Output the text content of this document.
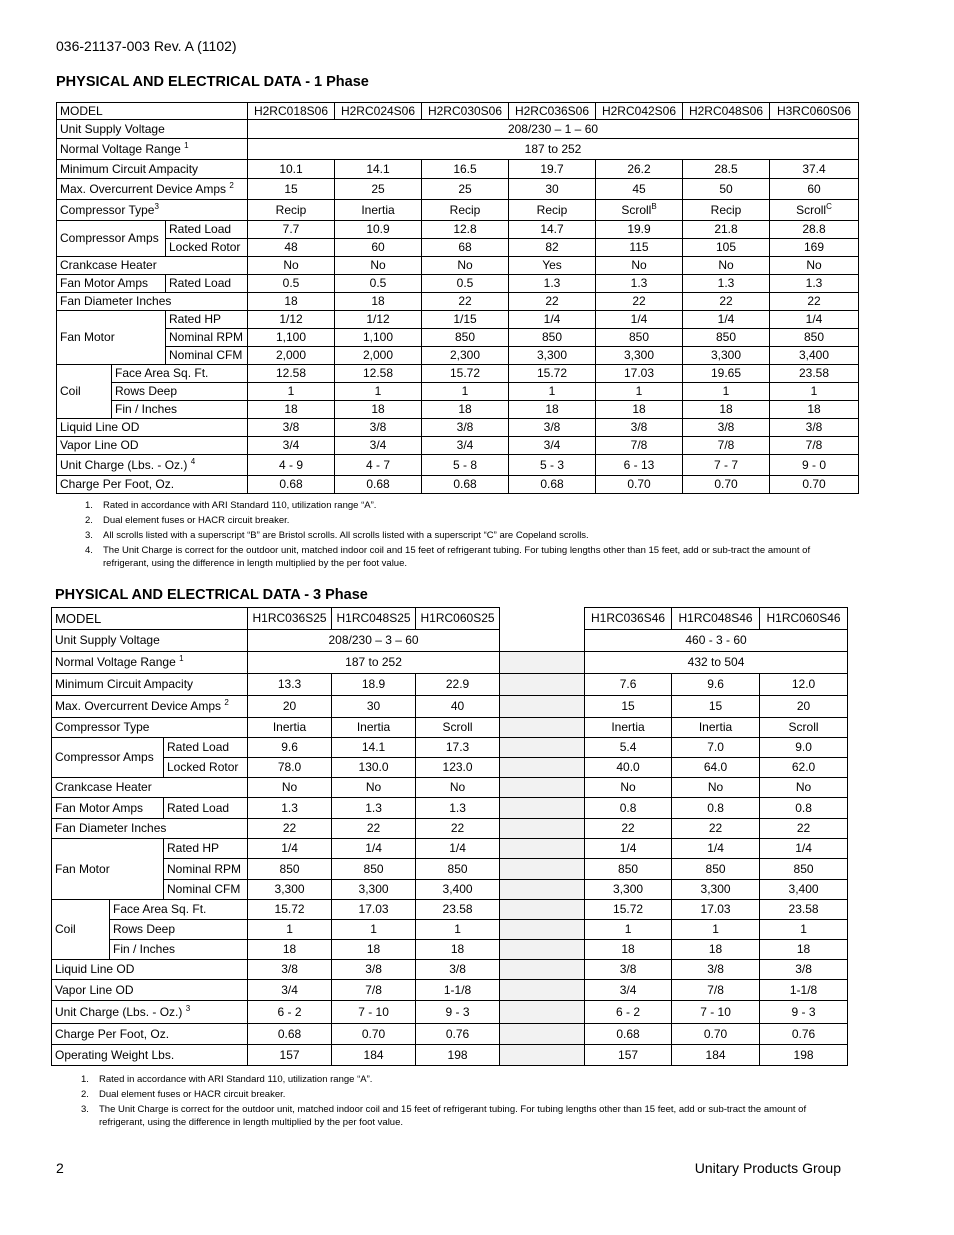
036-21137-003 Rev. A (1102)
PHYSICAL AND ELECTRICAL DATA - 1 Phase
MODEL			H2RC018S06	H2RC024S06	H2RC030S06	H2RC036S06	H2RC042S06	H2RC048S06	H3RC060S06
Unit Supply Voltage			208/230 – 1 – 60						
Normal Voltage Range $^1$			187 to 252						
Minimum Circuit Ampacity			10.1	14.1	16.5	19.7	26.2	28.5	37.4
Max. Overcurrent Device Amps $^2$			15	25	25	30	45	50	60
Compressor Type$^3$			Recip	Inertia	Recip	Recip	Scroll$^B$	Recip	Scroll$^C$
Compressor Amps		Rated Load	7.7	10.9	12.8	14.7	19.9	21.8	28.8
		Locked Rotor	48	60	68	82	115	105	169
Crankcase Heater			No	No	No	Yes	No	No	No
Fan Motor Amps		Rated Load	0.5	0.5	0.5	1.3	1.3	1.3	1.3
Fan Diameter Inches			18	18	22	22	22	22	22
Fan Motor		Rated HP	1/12	1/12	1/15	1/4	1/4	1/4	1/4
		Nominal RPM	1,100	1,100	850	850	850	850	850
		Nominal CFM	2,000	2,000	2,300	3,300	3,300	3,300	3,400
Coil	Face Area Sq. Ft.		12.58	12.58	15.72	15.72	17.03	19.65	23.58
	Rows Deep		1	1	1	1	1	1	1
	Fin / Inches		18	18	18	18	18	18	18
Liquid Line OD			3/8	3/8	3/8	3/8	3/8	3/8	3/8
Vapor Line OD			3/4	3/4	3/4	3/4	7/8	7/8	7/8
Unit Charge (Lbs. - Oz.) $^4$			4 - 9	4 - 7	5 - 8	5 - 3	6 - 13	7 - 7	9 - 0
Charge Per Foot, Oz.			0.68	0.68	0.68	0.68	0.70	0.70	0.70
1. Rated in accordance with ARI Standard 110, utilization range “A”.
2. Dual element fuses or HACR circuit breaker.
3. All scrolls listed with a superscript “B” are Bristol scrolls. All scrolls listed with a superscript “C” are Copeland scrolls.
4. The Unit Charge is correct for the outdoor unit, matched indoor coil and 15 feet of refrigerant tubing. For tubing lengths other than 15 feet, add or sub-tract the amount of refrigerant, using the difference in length multiplied by the per foot value.
PHYSICAL AND ELECTRICAL DATA - 3 Phase
MODEL			H1RC036S25	H1RC048S25	H1RC060S25		H1RC036S46	H1RC048S46	H1RC060S46
Unit Supply Voltage			208/230 – 3 – 60				460 - 3 - 60		
Normal Voltage Range $^1$			187 to 252				432 to 504		
Minimum Circuit Ampacity			13.3	18.9	22.9		7.6	9.6	12.0
Max. Overcurrent Device Amps $^2$			20	30	40		15	15	20
Compressor Type			Inertia	Inertia	Scroll		Inertia	Inertia	Scroll
Compressor Amps		Rated Load	9.6	14.1	17.3		5.4	7.0	9.0
		Locked Rotor	78.0	130.0	123.0		40.0	64.0	62.0
Crankcase Heater			No	No	No		No	No	No
Fan Motor Amps		Rated Load	1.3	1.3	1.3		0.8	0.8	0.8
Fan Diameter Inches			22	22	22		22	22	22
Fan Motor		Rated HP	1/4	1/4	1/4		1/4	1/4	1/4
		Nominal RPM	850	850	850		850	850	850
		Nominal CFM	3,300	3,300	3,400		3,300	3,300	3,400
Coil	Face Area Sq. Ft.		15.72	17.03	23.58		15.72	17.03	23.58
	Rows Deep		1	1	1		1	1	1
	Fin / Inches		18	18	18		18	18	18
Liquid Line OD			3/8	3/8	3/8		3/8	3/8	3/8
Vapor Line OD			3/4	7/8	1-1/8		3/4	7/8	1-1/8
Unit Charge (Lbs. - Oz.) $^3$			6 - 2	7 - 10	9 - 3		6 - 2	7 - 10	9 - 3
Charge Per Foot, Oz.			0.68	0.70	0.76		0.68	0.70	0.76
Operating Weight Lbs.			157	184	198		157	184	198
1. Rated in accordance with ARI Standard 110, utilization range “A”.
2. Dual element fuses or HACR circuit breaker.
3. The Unit Charge is correct for the outdoor unit, matched indoor coil and 15 feet of refrigerant tubing. For tubing lengths other than 15 feet, add or sub-tract the amount of refrigerant, using the difference in length multiplied by the per foot value.
2	Unitary Products Group
